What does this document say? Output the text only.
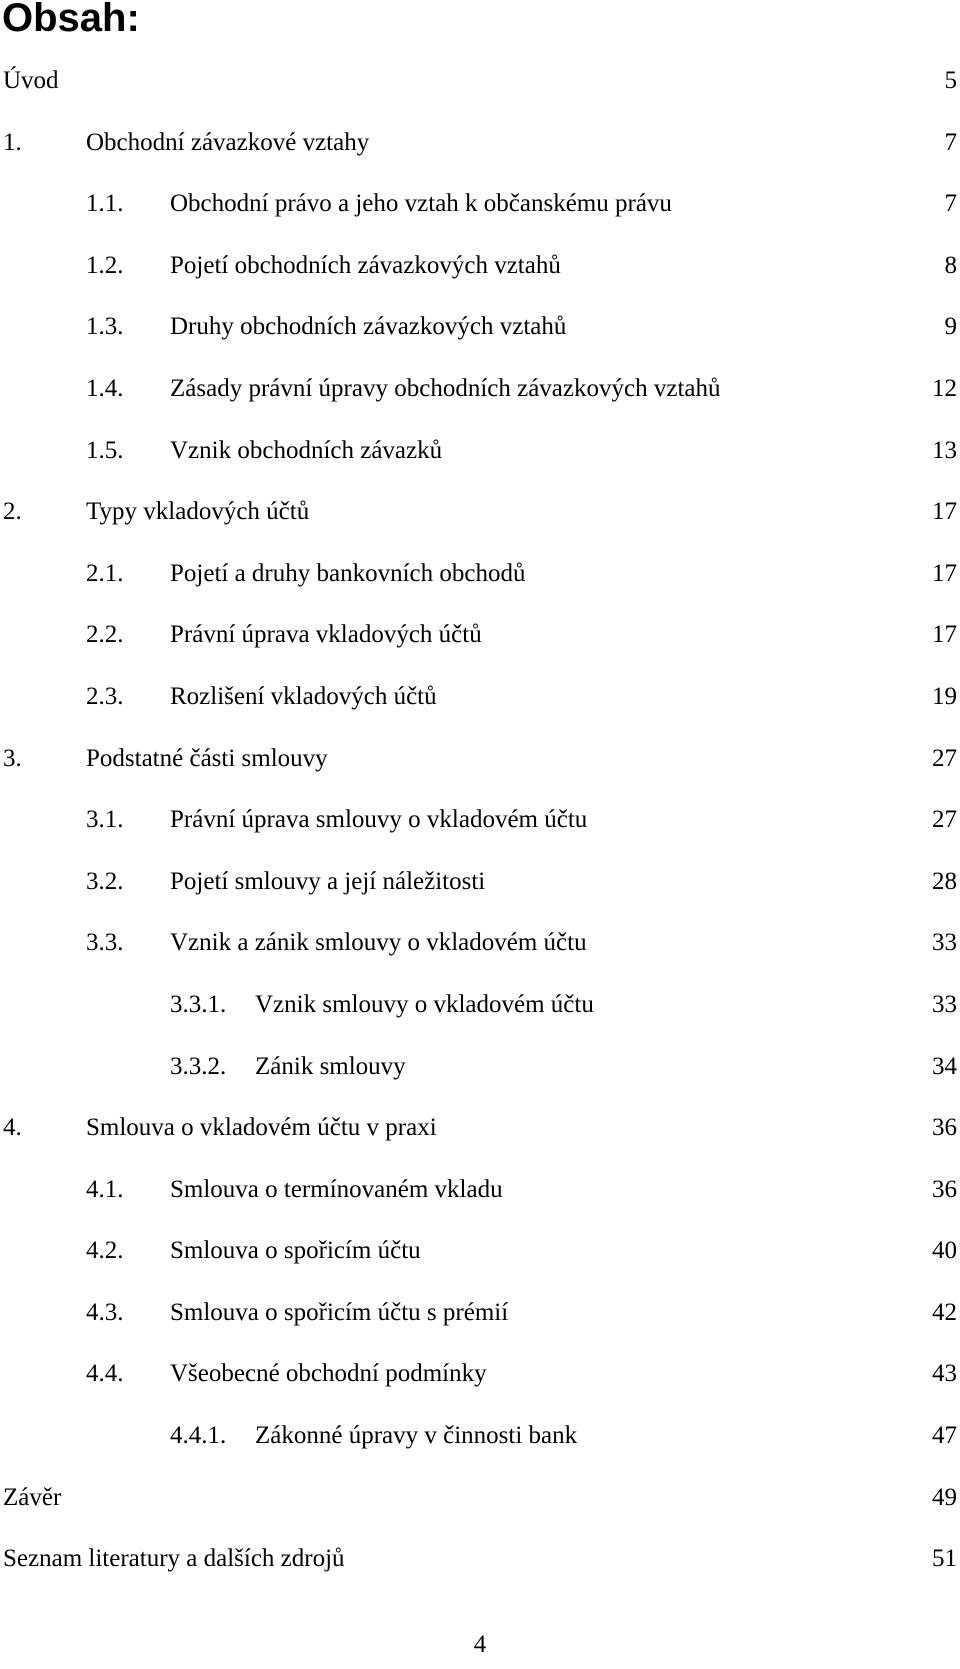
Obsah:
Úvod	5
1.	Obchodní závazkové vztahy	7
1.1. Obchodní právo a jeho vztah k občanskému právu	7
1.2. Pojetí obchodních závazkových vztahů	8
1.3. Druhy obchodních závazkových vztahů	9
1.4. Zásady právní úpravy obchodních závazkových vztahů	12
1.5. Vznik obchodních závazků	13
2.	Typy vkladových účtů	17
2.1. Pojetí a druhy bankovních obchodů	17
2.2. Právní úprava vkladových účtů	17
2.3. Rozlišení vkladových účtů	19
3.	Podstatné části smlouvy	27
3.1. Právní úprava smlouvy o vkladovém účtu	27
3.2. Pojetí smlouvy a její náležitosti	28
3.3. Vznik a zánik smlouvy o vkladovém účtu	33
3.3.1. Vznik smlouvy o vkladovém účtu	33
3.3.2. Zánik smlouvy	34
4.	Smlouva o vkladovém účtu v praxi	36
4.1. Smlouva o termínovaném vkladu	36
4.2. Smlouva o spořicím účtu	40
4.3. Smlouva o spořicím účtu s prémií	42
4.4. Všeobecné obchodní podmínky	43
4.4.1. Zákonné úpravy v činnosti bank	47
Závěr	49
Seznam literatury a dalších zdrojů	51

4
